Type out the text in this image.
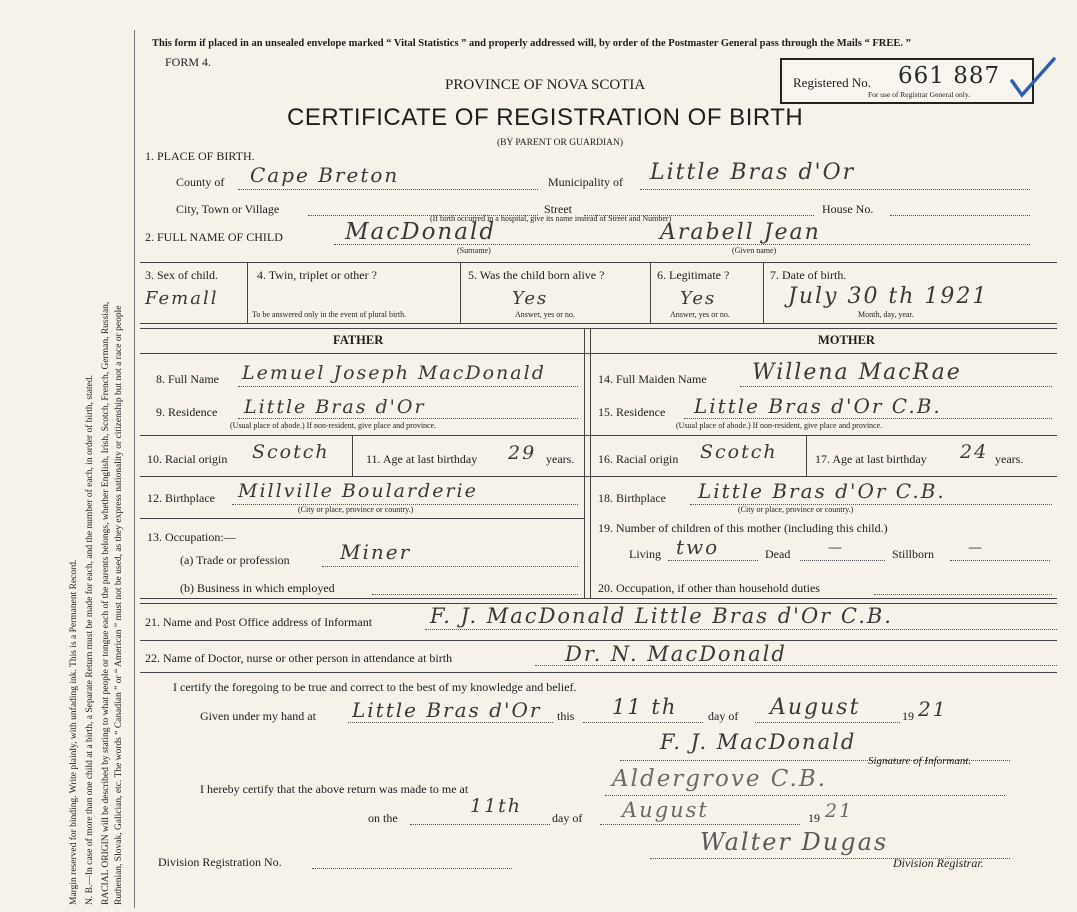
Margin reserved for binding. Write plainly, with unfading ink. This is a Permanent Record. N. B.—In case of more than one child at a birth, a Separate Return must be made for each, and the number of each, in order of birth, stated. RACIAL ORIGIN will be described by stating to what people or tongue each of the parents belongs, whether English, Irish, Scotch, French, German, Russian, Ruthenian, Slovak, Galician, etc. The words “ Canadian ” or “ American ” must not be used, as they express nationality or citizenship but not a race or people
This form if placed in an unsealed envelope marked “ Vital Statistics ” and properly addressed will, by order of the Postmaster General pass through the Mails “ FREE. ”
FORM 4.
PROVINCE OF NOVA SCOTIA
CERTIFICATE OF REGISTRATION OF BIRTH
(BY PARENT OR GUARDIAN)
Registered No. 661 887
For use of Registrar General only.
1. PLACE OF BIRTH.
County of Cape Breton	Municipality of Little Bras d'Or
City, Town or Village	Street
(If birth occurred in a hospital, give its name instead of Street and Number)
House No.
2. FULL NAME OF CHILD	MacDonald
(Surname)
Arabell Jean
(Given name)
3. Sex of child.
Femall
4. Twin, triplet or other ?
To be answered only in the event of plural birth.
5. Was the child born alive ?
Yes
Answer, yes or no.
6. Legitimate ?
Yes
Answer, yes or no.
7. Date of birth.
July 30 th 1921
Month, day, year.
FATHER	MOTHER
8. Full Name Lemuel Joseph MacDonald
9. Residence Little Bras d'Or
(Usual place of abode.) If non-resident, give place and province.
10. Racial origin Scotch	11. Age at last birthday 29 years.
12. Birthplace Millville Boularderie
(City or place, province or country.)
13. Occupation:—
(a) Trade or profession	Miner
(b) Business in which employed
14. Full Maiden Name Willena MacRae
15. Residence Little Bras d'Or C.B.
(Usual place of abode.) If non-resident, give place and province.
16. Racial origin Scotch	17. Age at last birthday 24 years.
18. Birthplace Little Bras d'Or C.B.
(City or place, province or country.)
19. Number of children of this mother (including this child.)
Living two	Dead	—	Stillborn —
20. Occupation, if other than household duties
21. Name and Post Office address of Informant	F. J. MacDonald Little Bras d'Or C.B.
22. Name of Doctor, nurse or other person in attendance at birth	Dr. N. MacDonald
I certify the foregoing to be true and correct to the best of my knowledge and belief.
Given under my hand at Little Bras d'Or this 11 th	day of August	19 21
F. J. MacDonald
Signature of Informant.
I hereby certify that the above return was made to me at	Aldergrove C.B.
on the
11th
day of August	19 21
Division Registration No.
Walter Dugas
Division Registrar.
